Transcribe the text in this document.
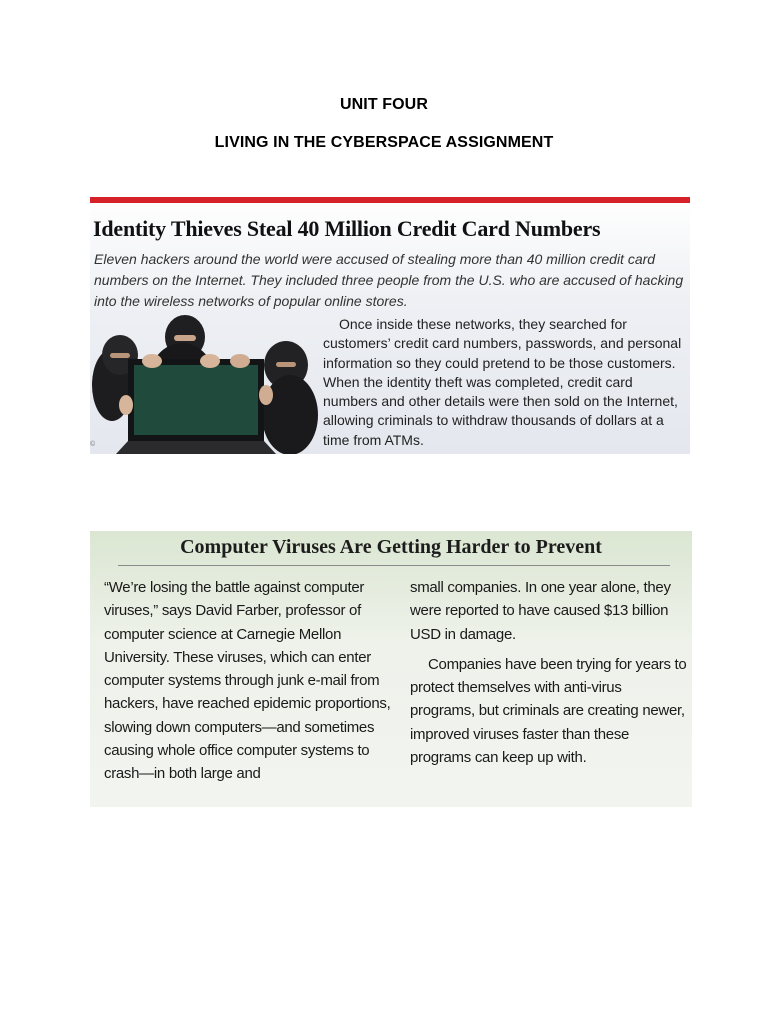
UNIT FOUR
LIVING IN THE CYBERSPACE ASSIGNMENT
Identity Thieves Steal 40 Million Credit Card Numbers
Eleven hackers around the world were accused of stealing more than 40 million credit card numbers on the Internet. They included three people from the U.S. who are accused of hacking into the wireless networks of popular online stores.
©

Once inside these networks, they searched for customers’ credit card numbers, passwords, and personal information so they could pretend to be those customers. When the identity theft was completed, credit card numbers and other details were then sold on the Internet, allowing criminals to withdraw thousands of dollars at a time from ATMs.

Computer Viruses Are Getting Harder to Prevent

“We’re losing the battle against computer viruses,” says David Farber, professor of computer science at Carnegie Mellon University. These viruses, which can enter computer systems through junk e-mail from hackers, have reached epidemic proportions, slowing down computers—and sometimes causing whole office computer systems to crash—in both large and

small companies. In one year alone, they were reported to have caused $13 billion USD in damage.

Companies have been trying for years to protect themselves with anti-virus programs, but criminals are creating newer, improved viruses faster than these programs can keep up with.
